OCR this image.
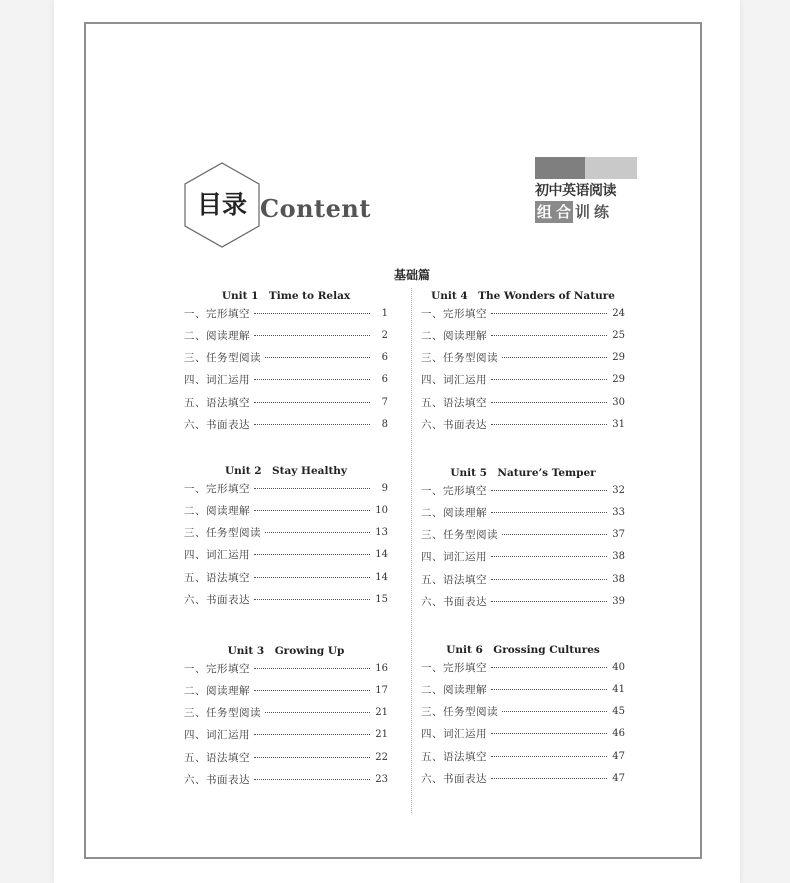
目录 Content
初中英语阅读
组 合 训 练
基础篇
Unit 1　Time to Relax
一、完形填空	1
二、阅读理解	2
三、任务型阅读	6
四、词汇运用	6
五、语法填空	7
六、书面表达	8
Unit 2　Stay Healthy
一、完形填空	9
二、阅读理解	10
三、任务型阅读	13
四、词汇运用	14
五、语法填空	14
六、书面表达	15
Unit 3　Growing Up
一、完形填空	16
二、阅读理解	17
三、任务型阅读	21
四、词汇运用	21
五、语法填空	22
六、书面表达	23
Unit 4　The Wonders of Nature
一、完形填空	24
二、阅读理解	25
三、任务型阅读	29
四、词汇运用	29
五、语法填空	30
六、书面表达	31
Unit 5　Nature’s Temper
一、完形填空	32
二、阅读理解	33
三、任务型阅读	37
四、词汇运用	38
五、语法填空	38
六、书面表达	39
Unit 6　Grossing Cultures
一、完形填空	40
二、阅读理解	41
三、任务型阅读	45
四、词汇运用	46
五、语法填空	47
六、书面表达	47
